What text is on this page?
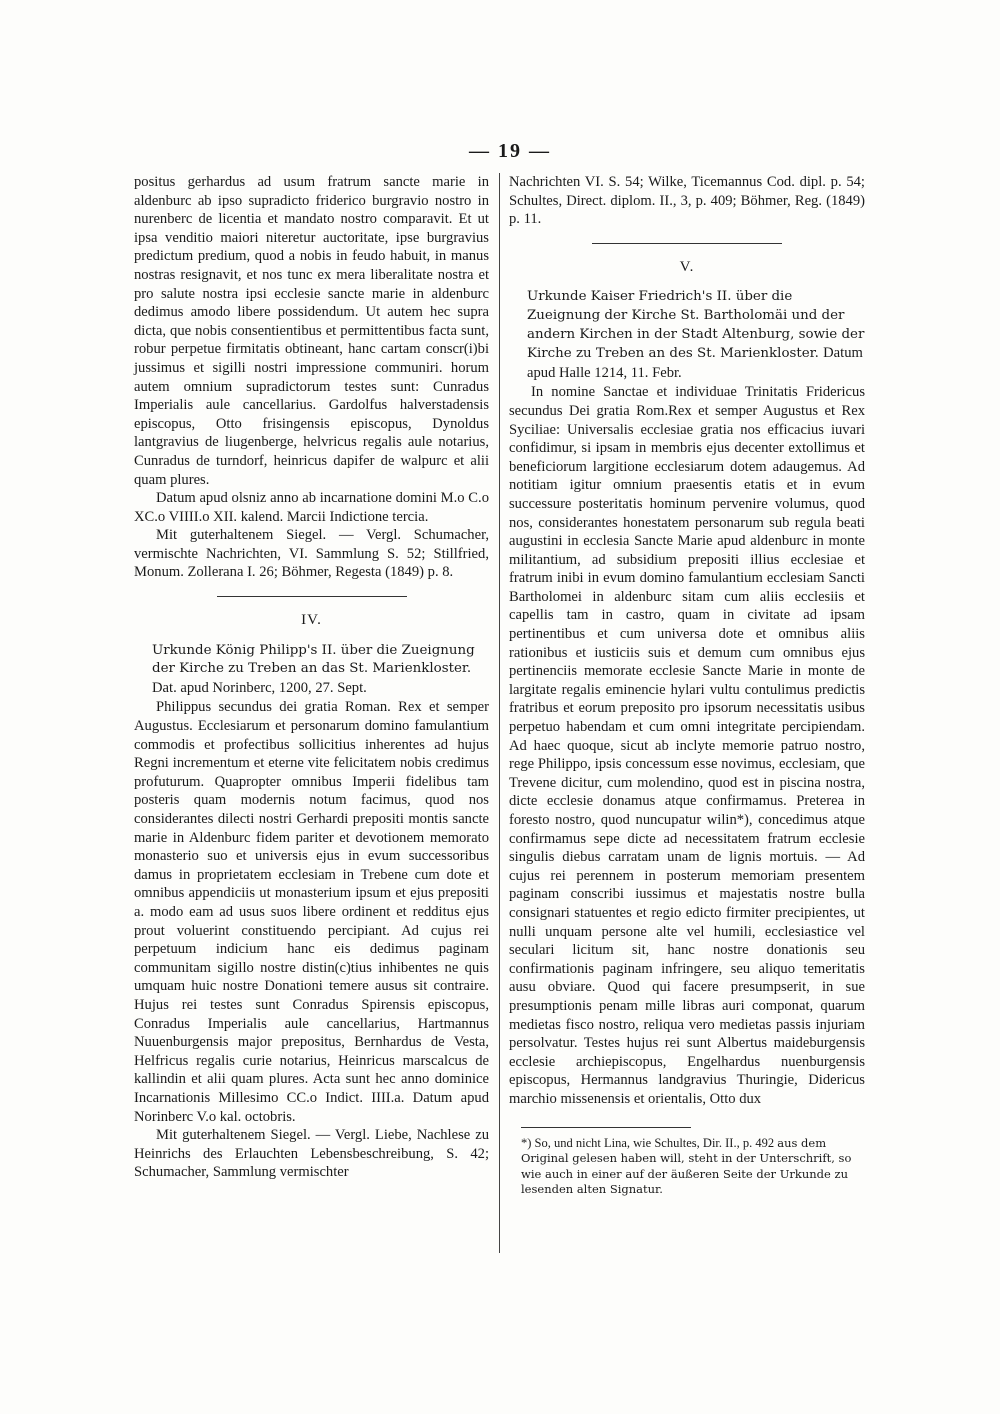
— 19 —

positus gerhardus ad usum fratrum sancte marie in aldenburc ab ipso supradicto friderico burgravio nostro in nurenberc de licentia et mandato nostro comparavit. Et ut ipsa venditio maiori niteretur auctoritate, ipse burgravius predictum predium, quod a nobis in feudo habuit, in manus nostras resignavit, et nos tunc ex mera liberalitate nostra et pro salute nostra ipsi ecclesie sancte marie in aldenburc dedimus amodo libere possidendum. Ut autem hec supra dicta, que nobis consentientibus et permittentibus facta sunt, robur perpetue firmitatis obtineant, hanc cartam conscr(i)bi jussimus et sigilli nostri impressione communiri. horum autem omnium supradictorum testes sunt: Cunradus Imperialis aule cancellarius. Gardolfus halverstadensis episcopus, Otto frisingensis episcopus, Dynoldus lantgravius de liugenberge, helvricus regalis aule notarius, Cunradus de turndorf, heinricus dapifer de walpurc et alii quam plures.

Datum apud olsniz anno ab incarnatione domini M.o C.o XC.o VIIII.o XII. kalend. Marcii Indictione tercia.

Mit guterhaltenem Siegel. — Vergl. Schumacher, vermischte Nachrichten, VI. Sammlung S. 52; Stillfried, Monum. Zollerana I. 26; Böhmer, Regesta (1849) p. 8.

IV.

Urkunde König Philipp's II. über die Zueignung der Kirche zu Treben an das St. Marienkloster. Dat. apud Norinberc, 1200, 27. Sept.

Philippus secundus dei gratia Roman. Rex et semper Augustus. Ecclesiarum et personarum domino famulantium commodis et profectibus sollicitius inherentes ad hujus Regni incrementum et eterne vite felicitatem nobis credimus profuturum. Quapropter omnibus Imperii fidelibus tam posteris quam modernis notum facimus, quod nos considerantes dilecti nostri Gerhardi prepositi montis sancte marie in Aldenburc fidem pariter et devotionem memorato monasterio suo et universis ejus in evum successoribus damus in proprietatem ecclesiam in Trebene cum dote et omnibus appendiciis ut monasterium ipsum et ejus prepositi a. modo eam ad usus suos libere ordinent et redditus ejus prout voluerint constituendo percipiant. Ad cujus rei perpetuum indicium hanc eis dedimus paginam communitam sigillo nostre distin(c)tius inhibentes ne quis umquam huic nostre Donationi temere ausus sit contraire. Hujus rei testes sunt Conradus Spirensis episcopus, Conradus Imperialis aule cancellarius, Hartmannus Nuuenburgensis major prepositus, Bernhardus de Vesta, Helfricus regalis curie notarius, Heinricus marscalcus de kallindin et alii quam plures. Acta sunt hec anno dominice Incarnationis Millesimo CC.o Indict. IIII.a. Datum apud Norinberc V.o kal. octobris.

Mit guterhaltenem Siegel. — Vergl. Liebe, Nachlese zu Heinrichs des Erlauchten Lebensbeschreibung, S. 42; Schumacher, Sammlung vermischter

Nachrichten VI. S. 54; Wilke, Ticemannus Cod. dipl. p. 54; Schultes, Direct. diplom. II., 3, p. 409; Böhmer, Reg. (1849) p. 11.

V.

Urkunde Kaiser Friedrich's II. über die Zueignung der Kirche St. Bartholomäi und der andern Kirchen in der Stadt Altenburg, sowie der Kirche zu Treben an des St. Marienkloster. Datum apud Halle 1214, 11. Febr.

In nomine Sanctae et individuae Trinitatis Fridericus secundus Dei gratia Rom.Rex et semper Augustus et Rex Syciliae: Universalis ecclesiae gratia nos efficacius iuvari confidimur, si ipsam in membris ejus decenter extollimus et beneficiorum largitione ecclesiarum dotem adaugemus. Ad notitiam igitur omnium praesentis etatis et in evum successure posteritatis hominum pervenire volumus, quod nos, considerantes honestatem personarum sub regula beati augustini in ecclesia Sancte Marie apud aldenburc in monte militantium, ad subsidium prepositi illius ecclesiae et fratrum inibi in evum domino famulantium ecclesiam Sancti Bartholomei in aldenburc sitam cum aliis ecclesiis et capellis tam in castro, quam in civitate ad ipsam pertinentibus et cum universa dote et omnibus aliis rationibus et iusticiis suis et demum cum omnibus ejus pertinenciis memorate ecclesie Sancte Marie in monte de largitate regalis eminencie hylari vultu contulimus predictis fratribus et eorum preposito pro ipsorum necessitatis usibus perpetuo habendam et cum omni integritate percipiendam. Ad haec quoque, sicut ab inclyte memorie patruo nostro, rege Philippo, ipsis concessum esse novimus, ecclesiam, que Trevene dicitur, cum molendino, quod est in piscina nostra, dicte ecclesie donamus atque confirmamus. Preterea in foresto nostro, quod nuncupatur wilin*), concedimus atque confirmamus sepe dicte ad necessitatem fratrum ecclesie singulis diebus carratam unam de lignis mortuis. — Ad cujus rei perennem in posterum memoriam presentem paginam conscribi iussimus et majestatis nostre bulla consignari statuentes et regio edicto firmiter precipientes, ut nulli unquam persone alte vel humili, ecclesiastice vel seculari licitum sit, hanc nostre donationis seu confirmationis paginam infringere, seu aliquo temeritatis ausu obviare. Quod qui facere presumpserit, in sue presumptionis penam mille libras auri componat, quarum medietas fisco nostro, reliqua vero medietas passis injuriam persolvatur. Testes hujus rei sunt Albertus maideburgensis ecclesie archiepiscopus, Engelhardus nuenburgensis episcopus, Hermannus landgravius Thuringie, Didericus marchio missenensis et orientalis, Otto dux

*) So, und nicht Lina, wie Schultes, Dir. II., p. 492 aus dem Original gelesen haben will, steht in der Unterschrift, so wie auch in einer auf der äußeren Seite der Urkunde zu lesenden alten Signatur.
